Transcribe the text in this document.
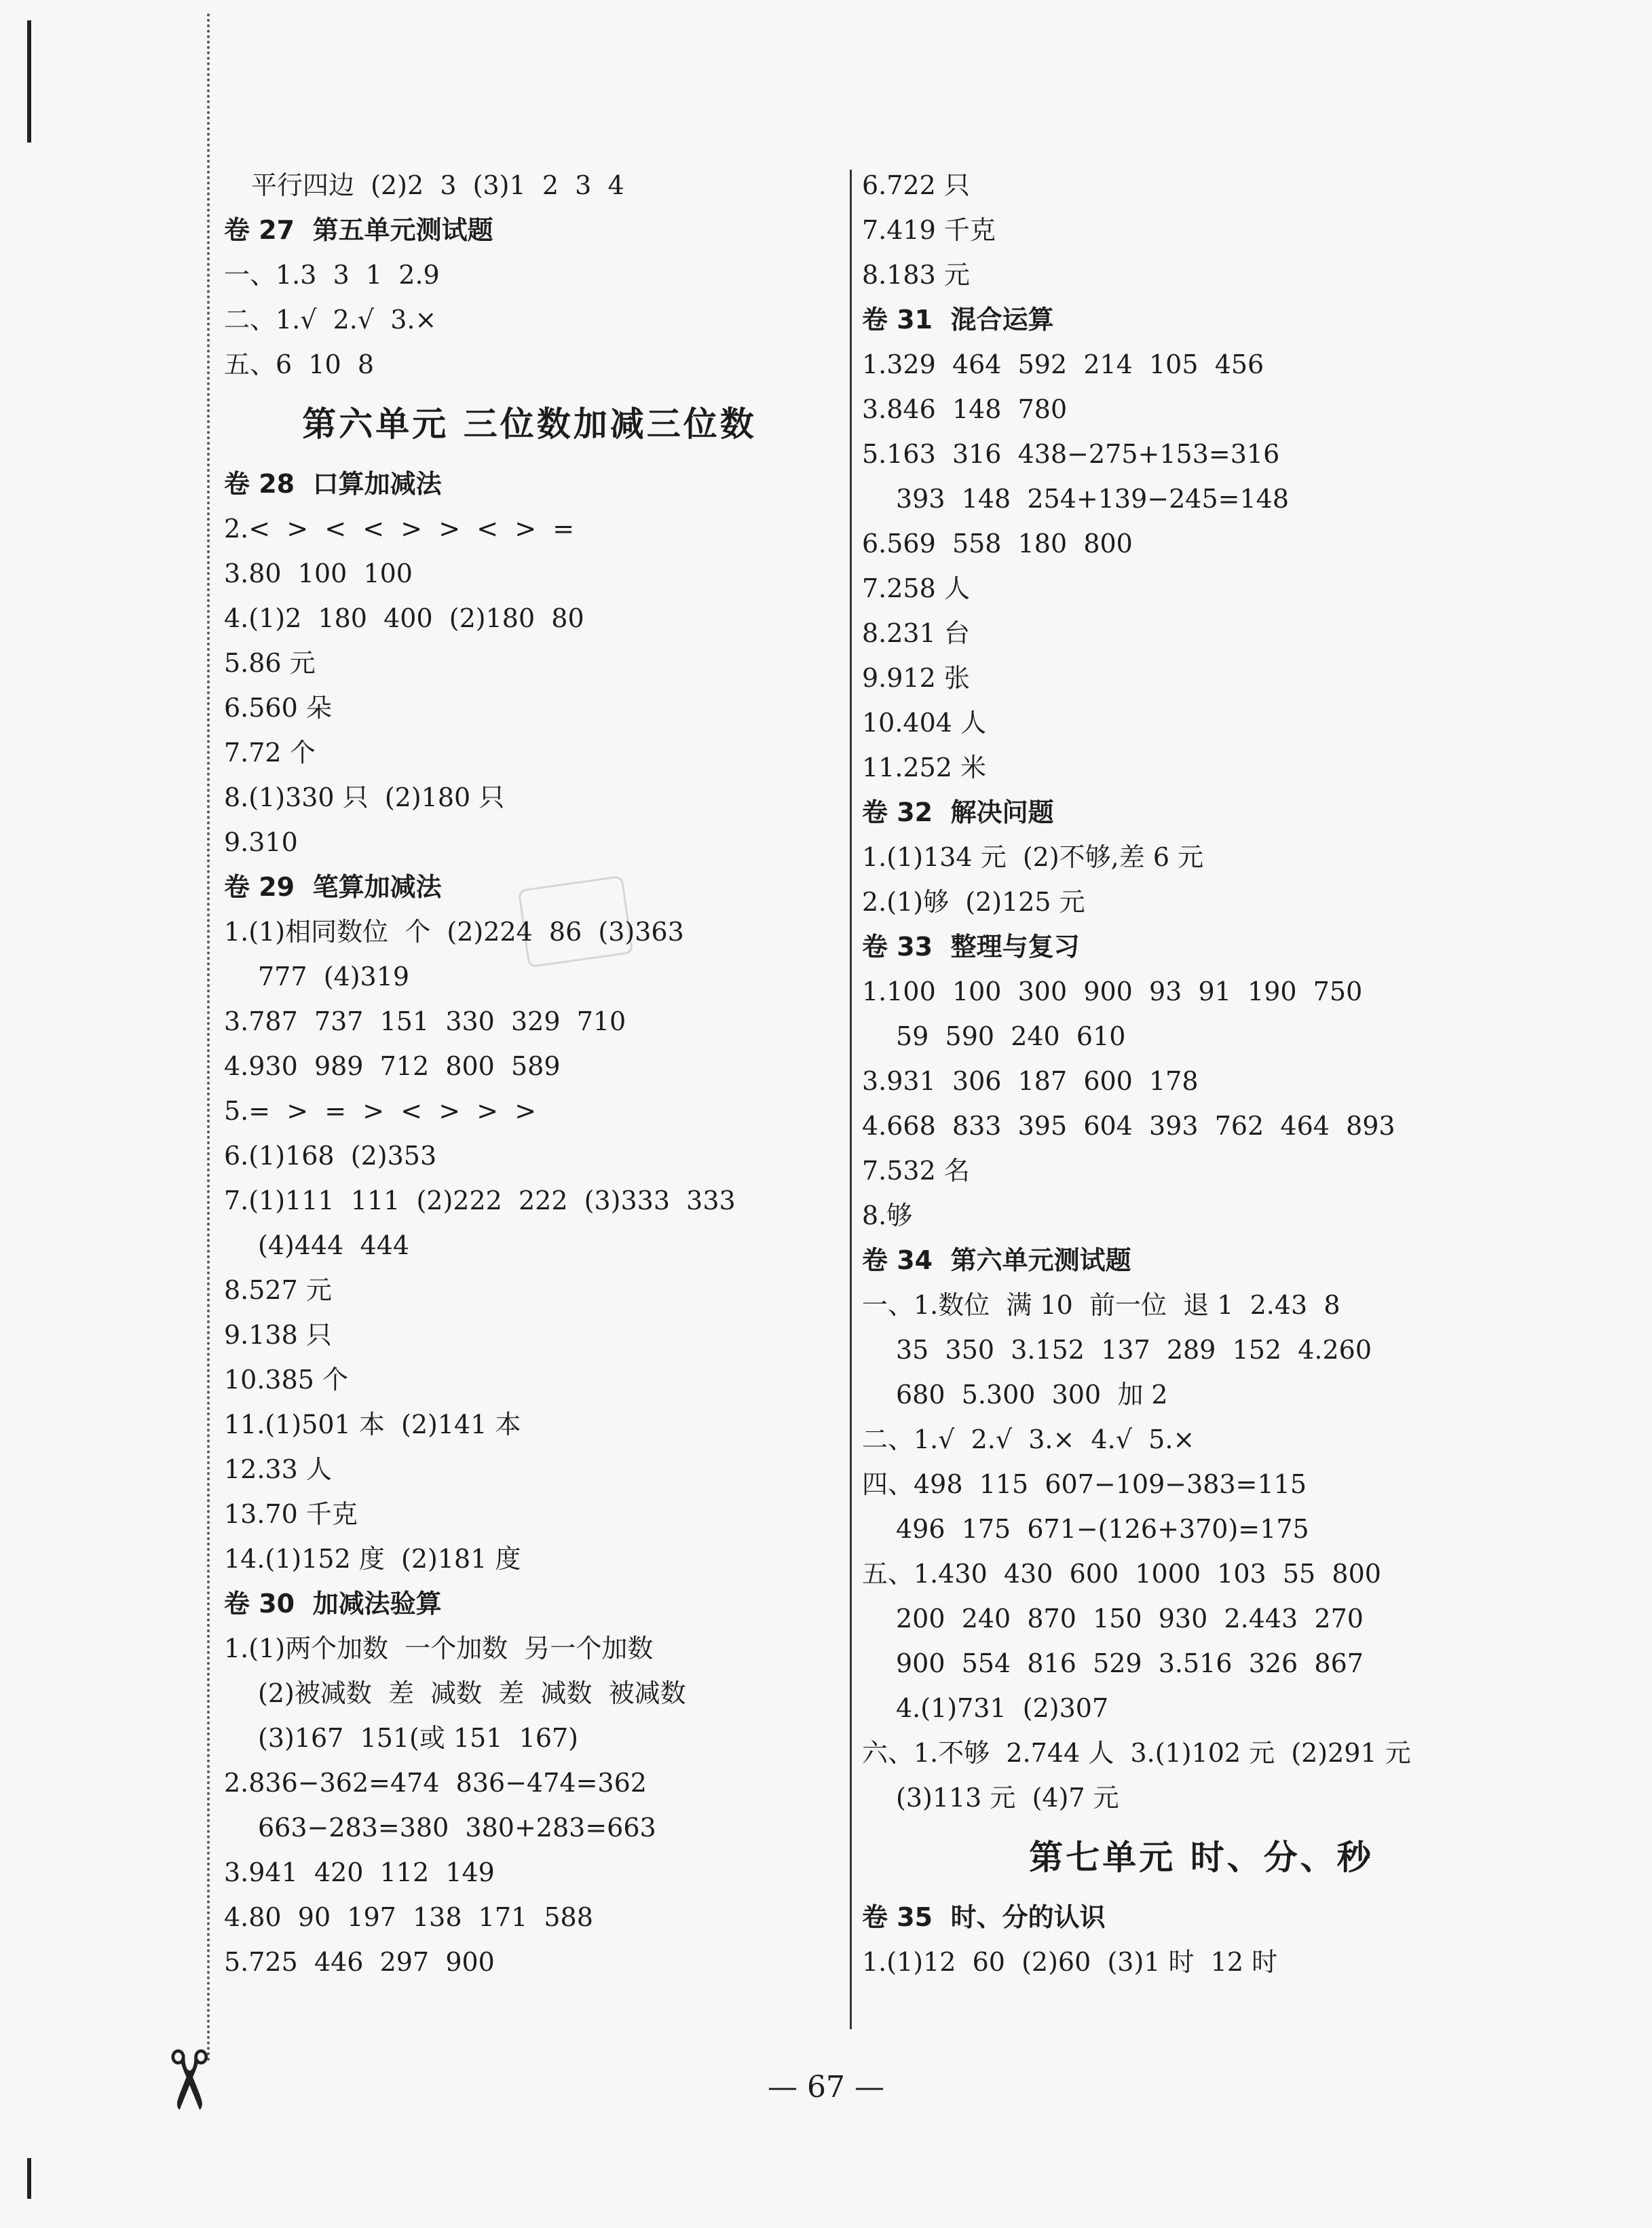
✂
平行四边  (2)2  3  (3)1  2  3  4
卷 27  第五单元测试题
一、1.3  3  1  2.9
二、1.√  2.√  3.×
五、6  10  8
第六单元 三位数加减三位数
卷 28  口算加减法
2.<  >  <  <  >  >  <  >  =
3.80  100  100
4.(1)2  180  400  (2)180  80
5.86 元
6.560 朵
7.72 个
8.(1)330 只  (2)180 只
9.310
卷 29  笔算加减法
1.(1)相同数位  个  (2)224  86  (3)363
777  (4)319
3.787  737  151  330  329  710
4.930  989  712  800  589
5.=  >  =  >  <  >  >  >
6.(1)168  (2)353
7.(1)111  111  (2)222  222  (3)333  333
(4)444  444
8.527 元
9.138 只
10.385 个
11.(1)501 本  (2)141 本
12.33 人
13.70 千克
14.(1)152 度  (2)181 度
卷 30  加减法验算
1.(1)两个加数  一个加数  另一个加数
(2)被减数  差  减数  差  减数  被减数
(3)167  151(或 151  167)
2.836−362=474  836−474=362
663−283=380  380+283=663
3.941  420  112  149
4.80  90  197  138  171  588
5.725  446  297  900
6.722 只
7.419 千克
8.183 元
卷 31  混合运算
1.329  464  592  214  105  456
3.846  148  780
5.163  316  438−275+153=316
393  148  254+139−245=148
6.569  558  180  800
7.258 人
8.231 台
9.912 张
10.404 人
11.252 米
卷 32  解决问题
1.(1)134 元  (2)不够,差 6 元
2.(1)够  (2)125 元
卷 33  整理与复习
1.100  100  300  900  93  91  190  750
59  590  240  610
3.931  306  187  600  178
4.668  833  395  604  393  762  464  893
7.532 名
8.够
卷 34  第六单元测试题
一、1.数位  满 10  前一位  退 1  2.43  8
35  350  3.152  137  289  152  4.260
680  5.300  300  加 2
二、1.√  2.√  3.×  4.√  5.×
四、498  115  607−109−383=115
496  175  671−(126+370)=175
五、1.430  430  600  1000  103  55  800
200  240  870  150  930  2.443  270
900  554  816  529  3.516  326  867
4.(1)731  (2)307
六、1.不够  2.744 人  3.(1)102 元  (2)291 元
(3)113 元  (4)7 元
第七单元 时、分、秒
卷 35  时、分的认识
1.(1)12  60  (2)60  (3)1 时  12 时
— 67 —
